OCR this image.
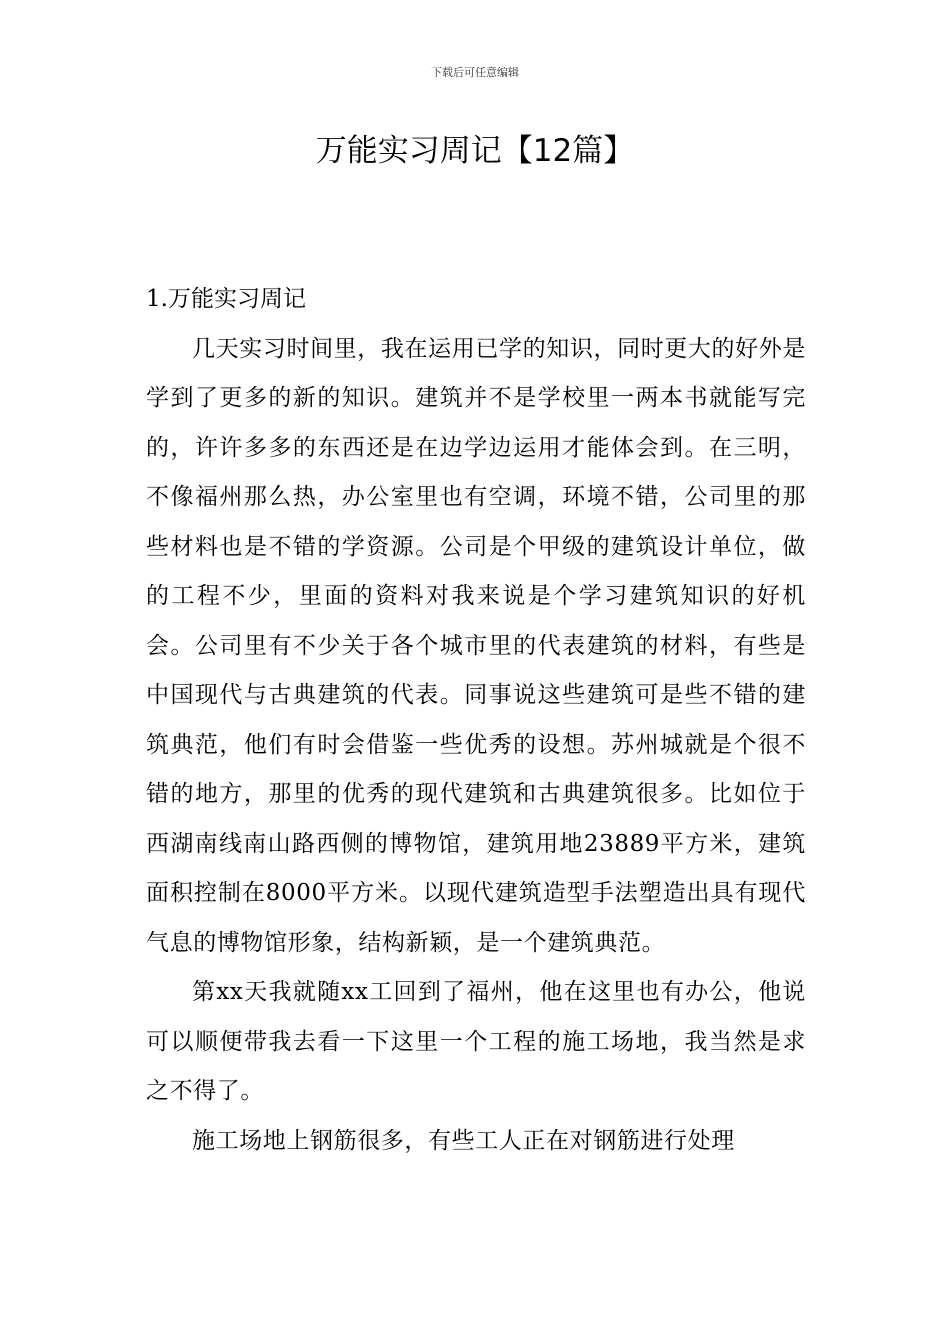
下载后可任意编辑
万能实习周记【12篇】

1.万能实习周记

几天实习时间里，我在运用已学的知识，同时更大的好外是学到了更多的新的知识。建筑并不是学校里一两本书就能写完的，许许多多的东西还是在边学边运用才能体会到。在三明，不像福州那么热，办公室里也有空调，环境不错，公司里的那些材料也是不错的学资源。公司是个甲级的建筑设计单位，做的工程不少，里面的资料对我来说是个学习建筑知识的好机会。公司里有不少关于各个城市里的代表建筑的材料，有些是中国现代与古典建筑的代表。同事说这些建筑可是些不错的建筑典范，他们有时会借鉴一些优秀的设想。苏州城就是个很不错的地方，那里的优秀的现代建筑和古典建筑很多。比如位于西湖南线南山路西侧的博物馆，建筑用地23889平方米，建筑面积控制在8000平方米。以现代建筑造型手法塑造出具有现代气息的博物馆形象，结构新颖，是一个建筑典范。

第xx天我就随xx工回到了福州，他在这里也有办公，他说可以顺便带我去看一下这里一个工程的施工场地，我当然是求之不得了。

施工场地上钢筋很多，有些工人正在对钢筋进行处理
